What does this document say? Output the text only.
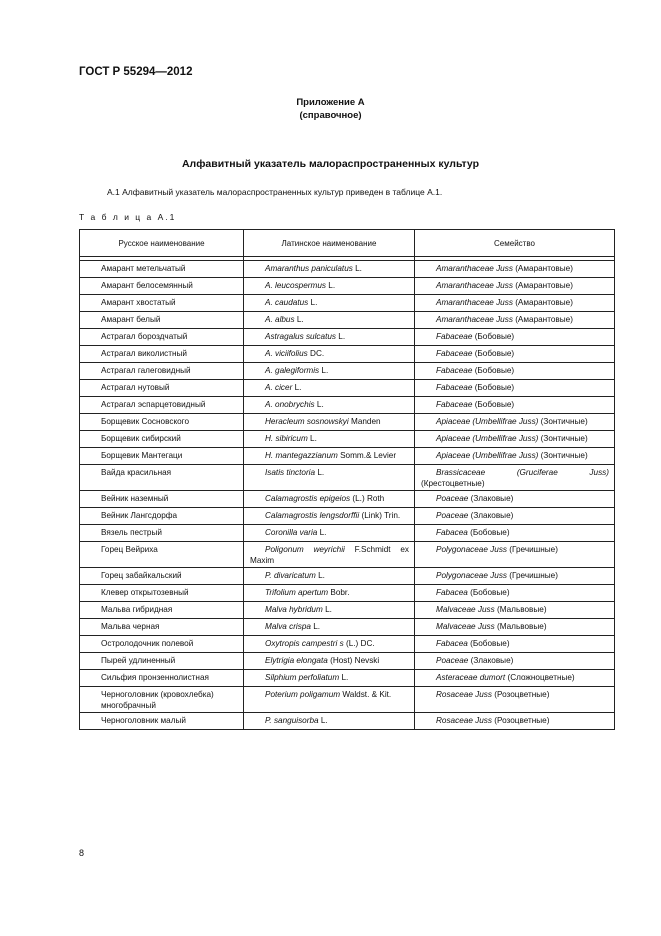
ГОСТ Р 55294—2012
Приложение А
(справочное)
Алфавитный указатель малораспространенных культур
А.1 Алфавитный указатель малораспространенных культур приведен в таблице А.1.
Т а б л и ц а А.1
Русское наименование	Латинское наименование	Семейство

Амарант метельчатый	Amaranthus paniculatus L.	Amaranthaceae Juss (Амарантовые)
Амарант белосемянный	A. leucospermus L.	Amaranthaceae Juss (Амарантовые)
Амарант хвостатый	A. caudatus L.	Amaranthaceae Juss (Амарантовые)
Амарант белый	A. albus L.	Amaranthaceae Juss (Амарантовые)
Астрагал бороздчатый	Astragalus sulcatus L.	Fabaceae (Бобовые)
Астрагал виколистный	A. viciifolius DC.	Fabaceae (Бобовые)
Астрагал галеговидный	A. galegiformis L.	Fabaceae (Бобовые)
Астрагал нутовый	A. cicer L.	Fabaceae (Бобовые)
Астрагал эспарцетовидный	A. onobrychis L.	Fabaceae (Бобовые)
Борщевик Сосновского	Heracleum sosnowskyi Manden	Apiaceae (Umbellifrae Juss) (Зонтичные)
Борщевик сибирский	H. sibiricum L.	Apiaceae (Umbellifrae Juss) (Зонтичные)
Борщевик Мантегаци	H. mantegazzianum Somm.& Levier	Apiaceae (Umbellifrae Juss) (Зонтичные)
Вайда красильная	Isatis tinctoria L.	Brassicaceae (Gruciferae Juss) (Крестоцветные)
Вейник наземный	Calamagrostis epigeios (L.) Roth	Poaceae (Злаковые)
Вейник Лангсдорфа	Calamagrostis lengsdorffii (Link) Trin.	Poaceae (Злаковые)
Вязель пестрый	Coronilla varia L.	Fabacea (Бобовые)
Горец Вейриха	Poligonum weyrichii F.Schmidt ex Maxim	Polygonaceae Juss (Гречишные)
Горец забайкальский	P. divaricatum L.	Polygonaceae Juss (Гречишные)
Клевер открытозевный	Trifolium apertum Bobr.	Fabacea (Бобовые)
Мальва гибридная	Malva hybridum L.	Malvaceae Juss (Мальвовые)
Мальва черная	Malva crispa L.	Malvaceae Juss (Мальвовые)
Остролодочник полевой	Oxytropis campestri s (L.) DC.	Fabacea (Бобовые)
Пырей удлиненный	Elytrigia elongata (Host) Nevski	Poaceae (Злаковые)
Сильфия пронзеннолистная	Silphium perfoliatum L.	Asteraceae dumort (Сложноцветные)
Черноголовник (кровохлебка) многобрачный	Poterium poligamum Waldst. & Kit.	Rosaceae Juss (Розоцветные)
Черноголовник малый	P. sanguisorba L.	Rosaceae Juss (Розоцветные)
8
